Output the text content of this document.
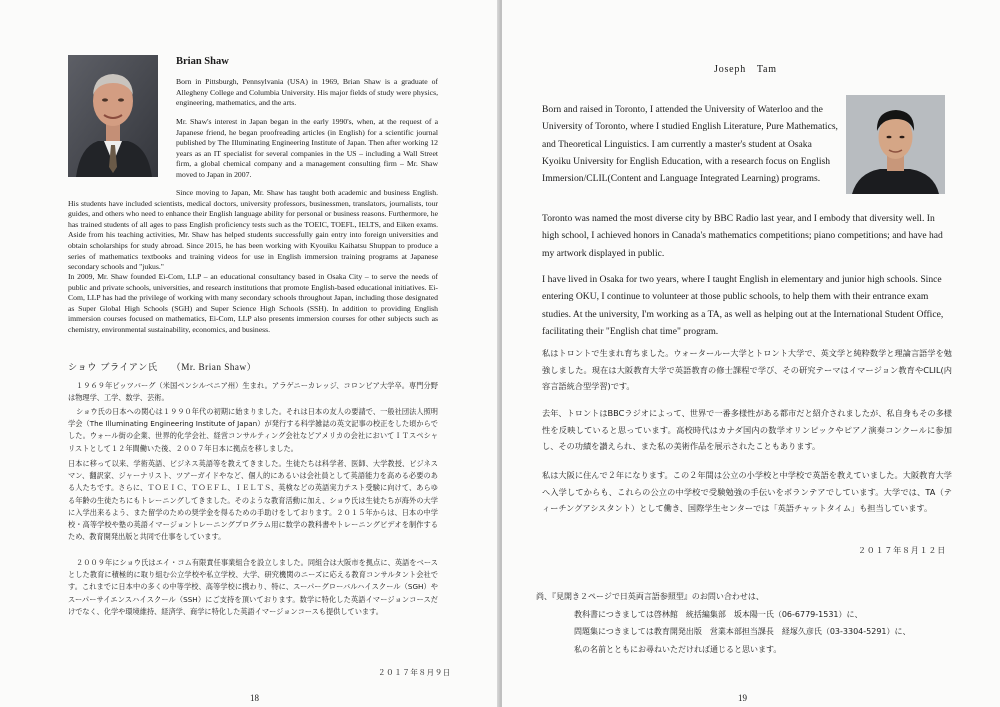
Brian Shaw

Born in Pittsburgh, Pennsylvania (USA) in 1969, Brian Shaw is a graduate of Allegheny College and Columbia University. His major fields of study were physics, engineering, mathematics, and the arts.

Mr. Shaw's interest in Japan began in the early 1990's, when, at the request of a Japanese friend, he began proofreading articles (in English) for a scientific journal published by The Illuminating Engineering Institute of Japan. Then after working 12 years as an IT specialist for several companies in the US – including a Wall Street firm, a global chemical company and a management consulting firm – Mr. Shaw moved to Japan in 2007.

Since moving to Japan, Mr. Shaw has taught both academic and business English. His students have included scientists, medical doctors, university professors, businessmen, translators, journalists, tour guides, and others who need to enhance their English language ability for personal or business reasons. Furthermore, he has trained students of all ages to pass English proficiency tests such as the TOEIC, TOEFL, IELTS, and Eiken exams. Aside from his teaching activities, Mr. Shaw has helped students successfully gain entry into foreign universities and obtain scholarships for study abroad. Since 2015, he has been working with Kyouiku Kaihatsu Shuppan to produce a series of mathematics textbooks and training videos for use in English immersion training programs at Japanese secondary schools and "jukus."

In 2009, Mr. Shaw founded Ei-Com, LLP – an educational consultancy based in Osaka City – to serve the needs of public and private schools, universities, and research institutions that promote English-based educational initiatives. Ei-Com, LLP has had the privilege of working with many secondary schools throughout Japan, including those designated as Super Global High Schools (SGH) and Super Science High Schools (SSH). In addition to providing English immersion courses focused on mathematics, Ei-Com, LLP also presents immersion courses for other subjects such as chemistry, environmental sustainability, economics, and business.

ショウ ブライアン氏 （Mr. Brian Shaw）

１９６９年ピッツバーグ（米国ペンシルベニア州）生まれ。アラゲニーカレッジ、コロンビア大学卒。専門分野は物理学、工学、数学、芸術。

ショウ氏の日本への関心は１９９０年代の初期に始まりました。それは日本の友人の要請で、一般社団法人照明学会（The Illuminating Engineering Institute of Japan）が発行する科学雑誌の英文記事の校正をした頃からでした。ウォール街の企業、世界的化学会社、経営コンサルティング会社などアメリカの会社においてＩＴスペシャリストとして１２年間働いた後、２００７年日本に拠点を移しました。

日本に移って以来、学術英語、ビジネス英語等を教えてきました。生徒たちは科学者、医師、大学教授、ビジネスマン、翻訳家、ジャーナリスト、ツアーガイドやなど、個人的にあるいは会社員として英語能力を高める必要のある人たちです。さらに、ＴＯＥＩＣ、ＴＯＥＦＬ、ＩＥＬＴＳ、英検などの英語実力テスト受験に向けて、あらゆる年齢の生徒たちにもトレーニングしてきました。そのような教育活動に加え、ショウ氏は生徒たちが海外の大学に入学出来るよう、また留学のための奨学金を得るための手助けをしております。２０１５年からは、日本の中学校・高等学校や塾の英語イマージョントレーニングプログラム用に数学の教科書やトレーニングビデオを制作するため、教育開発出版と共同で仕事をしています。

２００９年にショウ氏はエイ・コム有限責任事業組合を設立しました。同組合は大阪市を拠点に、英語をベースとした教育に積極的に取り組む公立学校や私立学校、大学、研究機関のニーズに応える教育コンサルタント会社です。これまでに日本中の多くの中等学校、高等学校に携わり、特に、スーパーグローバルハイスクール（SGH）やスーパーサイエンスハイスクール（SSH）にご支持を頂いております。数学に特化した英語イマージョンコースだけでなく、化学や環境維持、経済学、商学に特化した英語イマージョンコースも提供しています。

２０１７年８月９日
18
Joseph　Tam

Born and raised in Toronto, I attended the University of Waterloo and the University of Toronto, where I studied English Literature, Pure Mathematics, and Theoretical Linguistics. I am currently a master's student at Osaka Kyoiku University for English Education, with a research focus on English Immersion/CLIL(Content and Language Integrated Learning) programs.

Toronto was named the most diverse city by BBC Radio last year, and I embody that diversity well. In high school, I achieved honors in Canada's mathematics competitions; piano competitions; and have had my artwork displayed in public.

I have lived in Osaka for two years, where I taught English in elementary and junior high schools. Since entering OKU, I continue to volunteer at those public schools, to help them with their entrance exam studies. At the university, I'm working as a TA, as well as helping out at the International Student Office, facilitating their "English chat time" program.

私はトロントで生まれ育ちました。ウォータールー大学とトロント大学で、英文学と純粋数学と理論言語学を勉強しました。現在は大阪教育大学で英語教育の修士課程で学び、その研究テーマはイマージョン教育やCLIL(内容言語統合型学習)です。

去年、トロントはBBCラジオによって、世界で一番多様性がある都市だと紹介されましたが、私自身もその多様性を反映していると思っています。高校時代はカナダ国内の数学オリンピックやピアノ演奏コンクールに参加し、その功績を讃えられ、また私の美術作品を展示されたこともあります。

私は大阪に住んで２年になります。この２年間は公立の小学校と中学校で英語を教えていました。大阪教育大学へ入学してからも、これらの公立の中学校で受験勉強の手伝いをボランテアでしています。大学では、TA（ティーチングアシスタント）として働き、国際学生センターでは「英語チャットタイム」も担当しています。

２０１７年８月１２日

尚、『見開き２ページで日英両言語参照型』のお問い合わせは、
教科書につきましては啓林館　統括編集部　坂本陽一氏（06-6779-1531）に、
問題集につきましては教育開発出版　営業本部担当課長　経塚久彦氏（03-3304-5291）に、
私の名前とともにお尋ねいただければ通じると思います。

19
